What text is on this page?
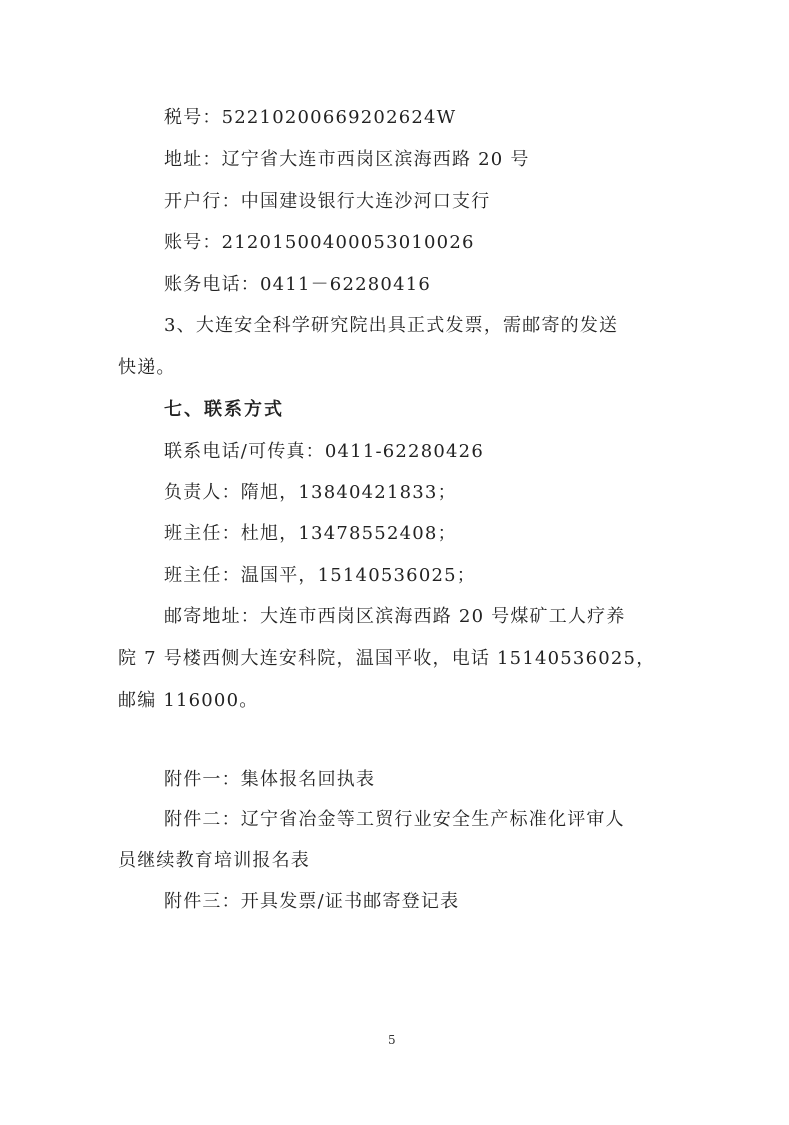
税号：52210200669202624W
地址：辽宁省大连市西岗区滨海西路 20 号
开户行：中国建设银行大连沙河口支行
账号：21201500400053010026
账务电话：0411－62280416
3、大连安全科学研究院出具正式发票，需邮寄的发送
快递。
七、联系方式
联系电话/可传真：0411-62280426
负责人：隋旭，13840421833；
班主任：杜旭，13478552408；
班主任：温国平，15140536025；
邮寄地址：大连市西岗区滨海西路 20 号煤矿工人疗养
院 7 号楼西侧大连安科院，温国平收，电话 15140536025，
邮编 116000。
附件一：集体报名回执表
附件二：辽宁省冶金等工贸行业安全生产标准化评审人
员继续教育培训报名表
附件三：开具发票/证书邮寄登记表
5
